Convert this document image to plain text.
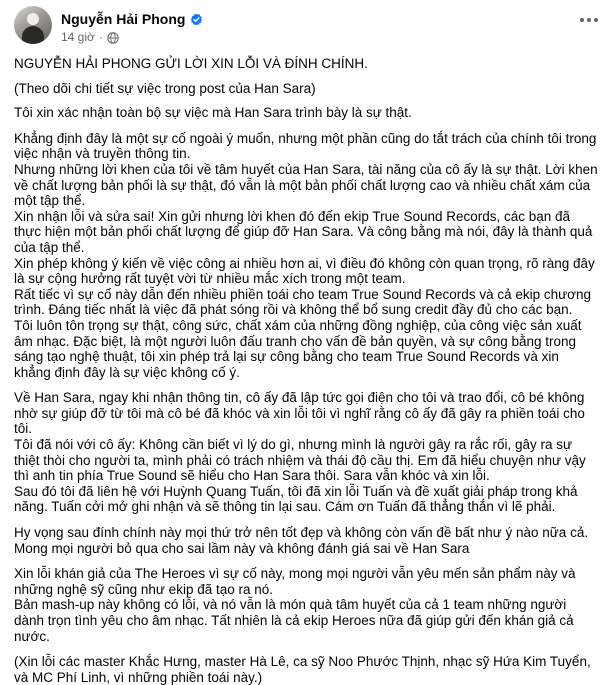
Nguyễn Hải Phong
14 giờ ·

NGUYỄN HẢI PHONG GỬI LỜI XIN LỖI VÀ ĐÍNH CHÍNH.

(Theo dõi chi tiết sự việc trong post của Han Sara)

Tôi xin xác nhận toàn bộ sự việc mà Han Sara trình bày là sự thật.

Khẳng định đây là một sự cố ngoài ý muốn, nhưng một phần cũng do tắt trách của chính tôi trong việc nhận và truyền thông tin.

Nhưng những lời khen của tôi về tâm huyết của Han Sara, tài năng của cô ấy là sự thật. Lời khen về chất lượng bản phối là sự thật, đó vẫn là một bản phối chất lượng cao và nhiều chất xám của một tập thể.

Xin nhận lỗi và sửa sai! Xin gửi nhưng lời khen đó đến ekip True Sound Records, các bạn đã thực hiện một bản phối chất lượng để giúp đỡ Han Sara. Và công bằng mà nói, đây là thành quả của tập thể.

Xin phép không ý kiến về việc công ai nhiều hơn ai, vì điều đó không còn quan trọng, rõ ràng đây là sự cộng hưởng rất tuyệt vời từ nhiều mắc xích trong một team.

Rất tiếc vì sự cố này dẫn đến nhiều phiền toái cho team True Sound Records và cả ekip chương trình. Đáng tiếc nhất là việc đã phát sóng rồi và không thể bổ sung credit đầy đủ cho các bạn.

Tôi luôn tôn trọng sự thật, công sức, chất xám của những đồng nghiệp, của công việc sản xuất âm nhạc. Đặc biệt, là một người luôn đấu tranh cho vấn đề bản quyền, và sự công bằng trong sáng tạo nghệ thuật, tôi xin phép trả lại sự công bằng cho team True Sound Records và xin khẳng định đây là sự việc không cố ý.

Về Han Sara, ngay khi nhận thông tin, cô ấy đã lập tức gọi điện cho tôi và trao đổi, cô bé không nhờ sự giúp đỡ từ tôi mà cô bé đã khóc và xin lỗi tôi vì nghĩ rằng cô ấy đã gây ra phiền toái cho tôi.

Tôi đã nói với cô ấy: Không cần biết vì lý do gì, nhưng mình là người gây ra rắc rối, gây ra sự thiệt thòi cho người ta, mình phải có trách nhiệm và thái độ cầu thị. Em đã hiểu chuyện như vậy thì anh tin phía True Sound sẽ hiểu cho Han Sara thôi. Sara vẫn khóc và xin lỗi.

Sau đó tôi đã liên hệ với Huỳnh Quang Tuấn, tôi đã xin lỗi Tuấn và đề xuất giải pháp trong khả năng. Tuấn cởi mở ghi nhận và sẽ thông tin lại sau. Cám ơn Tuấn đã thẳng thắn vì lẽ phải.

Hy vọng sau đính chính này mọi thứ trở nên tốt đẹp và không còn vấn đề bất như ý nào nữa cả.

Mong mọi người bỏ qua cho sai lầm này và không đánh giá sai về Han Sara

Xin lỗi khán giả của The Heroes vì sự cố này, mong mọi người vẫn yêu mến sản phẩm này và những nghệ sỹ cũng như ekip đã tạo ra nó.

Bản mash-up này không có lỗi, và nó vẫn là món quà tâm huyết của cả 1 team những người dành trọn tình yêu cho âm nhạc. Tất nhiên là cả ekip Heroes nữa đã giúp gửi đến khán giả cả nước.

(Xin lỗi các master Khắc Hưng, master Hà Lê, ca sỹ Noo Phước Thịnh, nhạc sỹ Hứa Kim Tuyển, và MC Phí Linh, vì những phiền toái này.)
